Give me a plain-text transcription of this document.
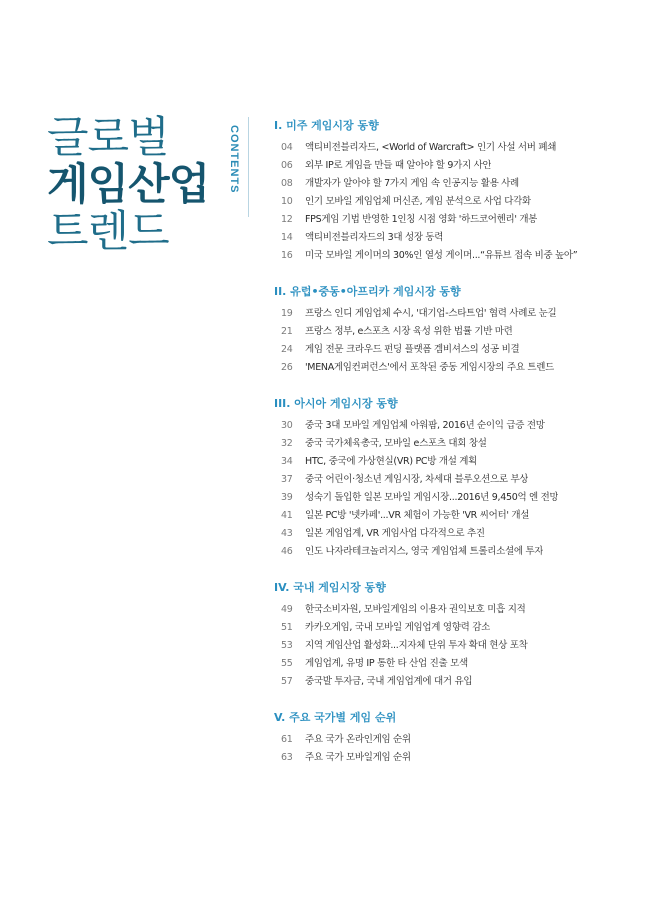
글로벌
게임산업
트렌드
CONTENTS	I. 미주 게임시장 동향
04	액티비전블리자드, <World of Warcraft> 인기 사설 서버 폐쇄
06	외부 IP로 게임을 만들 때 알아야 할 9가지 사안
08	개발자가 알아야 할 7가지 게임 속 인공지능 활용 사례
10	인기 모바일 게임업체 머신존, 게임 분석으로 사업 다각화
12	FPS게임 기법 반영한 1인칭 시점 영화 '하드코어헨리' 개봉
14	액티비전블리자드의 3대 성장 동력
16	미국 모바일 게이머의 30%인 열성 게이머...“유튜브 접속 비중 높아”
II. 유럽•중동•아프리카 게임시장 동향
19	프랑스 인디 게임업체 수시, '대기업-스타트업' 협력 사례로 눈길
21	프랑스 정부, e스포츠 시장 육성 위한 법률 기반 마련
24	게임 전문 크라우드 펀딩 플랫폼 겜비셔스의 성공 비결
26	'MENA게임컨퍼런스'에서 포착된 중동 게임시장의 주요 트렌드
III. 아시아 게임시장 동향
30	중국 3대 모바일 게임업체 아워팜, 2016년 순이익 급증 전망
32	중국 국가체육총국, 모바일 e스포츠 대회 창설
34	HTC, 중국에 가상현실(VR) PC방 개설 계획
37	중국 어린이·청소년 게임시장, 차세대 블루오션으로 부상
39	성숙기 돌입한 일본 모바일 게임시장...2016년 9,450억 엔 전망
41	일본 PC방 '넷카페'...VR 체험이 가능한 'VR 씨어터' 개설
43	일본 게임업계, VR 게임사업 다각적으로 추진
46	인도 나자라테크놀러지스, 영국 게임업체 트롤리소셜에 투자
IV. 국내 게임시장 동향
49	한국소비자원, 모바일게임의 이용자 권익보호 미흡 지적
51	카카오게임, 국내 모바일 게임업계 영향력 감소
53	지역 게임산업 활성화...지자체 단위 투자 확대 현상 포착
55	게임업계, 유명 IP 통한 타 산업 진출 모색
57	중국발 투자금, 국내 게임업계에 대거 유입
V. 주요 국가별 게임 순위
61	주요 국가 온라인게임 순위
63	주요 국가 모바일게임 순위
